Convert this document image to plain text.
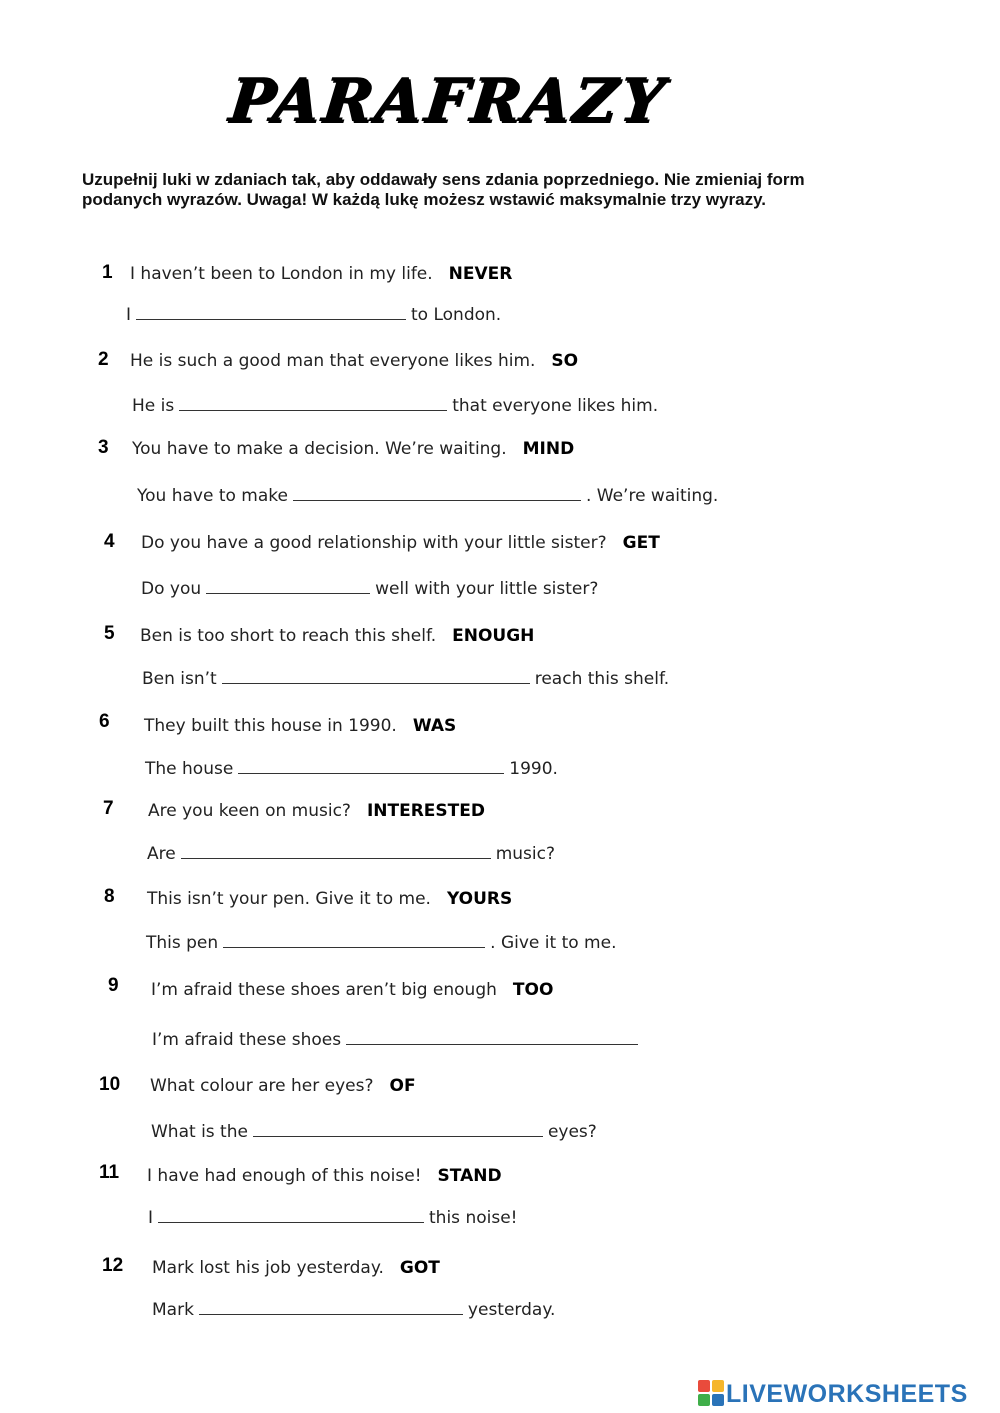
PARAFRAZY
Uzupełnij luki w zdaniach tak, aby oddawały sens zdania poprzedniego. Nie zmieniaj form podanych wyrazów. Uwaga! W każdą lukę możesz wstawić maksymalnie trzy wyrazy.
1 I haven’t been to London in my life. NEVER
I	to London.
2 He is such a good man that everyone likes him. SO
He is	that everyone likes him.
3 You have to make a decision. We’re waiting. MIND
You have to make	. We’re waiting.
4 Do you have a good relationship with your little sister? GET
Do you	well with your little sister?
5 Ben is too short to reach this shelf. ENOUGH
Ben isn’t	reach this shelf.
6 They built this house in 1990. WAS
The house	1990.
7 Are you keen on music? INTERESTED
Are	music?
8 This isn’t your pen. Give it to me. YOURS
This pen	. Give it to me.
9 I’m afraid these shoes aren’t big enough TOO
I’m afraid these shoes
10 What colour are her eyes? OF
What is the	eyes?
11 I have had enough of this noise! STAND
I	this noise!
12 Mark lost his job yesterday. GOT
Mark	yesterday.
LIVEWORKSHEETS
